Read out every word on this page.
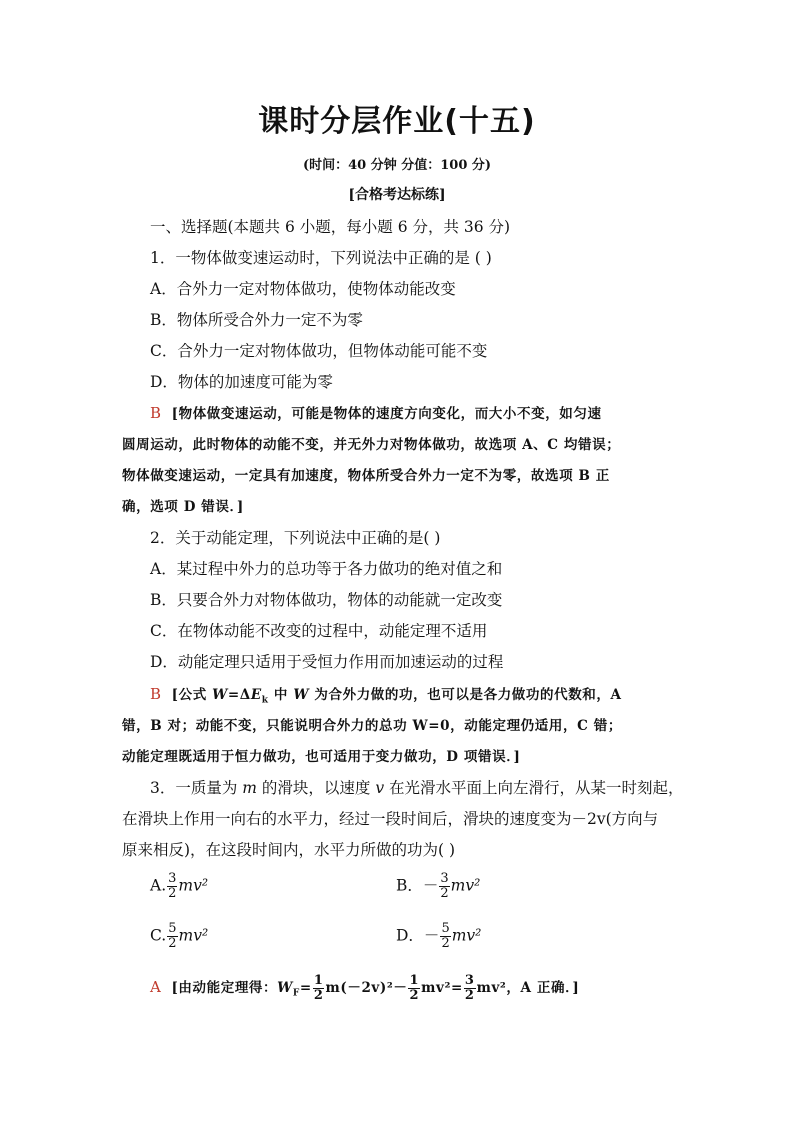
课时分层作业(十五)
(时间：40 分钟 分值：100 分)
[合格考达标练]
一、选择题(本题共 6 小题，每小题 6 分，共 36 分)
1．一物体做变速运动时，下列说法中正确的是 ( )
A．合外力一定对物体做功，使物体动能改变
B．物体所受合外力一定不为零
C．合外力一定对物体做功，但物体动能可能不变
D．物体的加速度可能为零
B [物体做变速运动，可能是物体的速度方向变化，而大小不变，如匀速
圆周运动，此时物体的动能不变，并无外力对物体做功，故选项 A、C 均错误；
物体做变速运动，一定具有加速度，物体所受合外力一定不为零，故选项 B 正
确，选项 D 错误．]
2．关于动能定理，下列说法中正确的是( )
A．某过程中外力的总功等于各力做功的绝对值之和
B．只要合外力对物体做功，物体的动能就一定改变
C．在物体动能不改变的过程中，动能定理不适用
D．动能定理只适用于受恒力作用而加速运动的过程
B [公式 $W=\Delta E_k$ 中 W 为合外力做的功，也可以是各力做功的代数和，A
错，B 对；动能不变，只能说明合外力的总功 W=0，动能定理仍适用，C 错；
动能定理既适用于恒力做功，也可适用于变力做功，D 项错误．]
3．一质量为 m 的滑块，以速度 v 在光滑水平面上向左滑行，从某一时刻起，
在滑块上作用一向右的水平力，经过一段时间后，滑块的速度变为－2v(方向与
原来相反)，在这段时间内，水平力所做的功为( )
A. $\frac{3}{2} mv^2$	B．－ $\frac{3}{2} mv^2$
C. $\frac{5}{2} mv^2$	D．－ $\frac{5}{2} mv^2$
A [由动能定理得：$W_F= \frac{1}{2} m(-2v)^2- \frac{1}{2} mv^2= \frac{3}{2} mv^2$，A 正确．]
